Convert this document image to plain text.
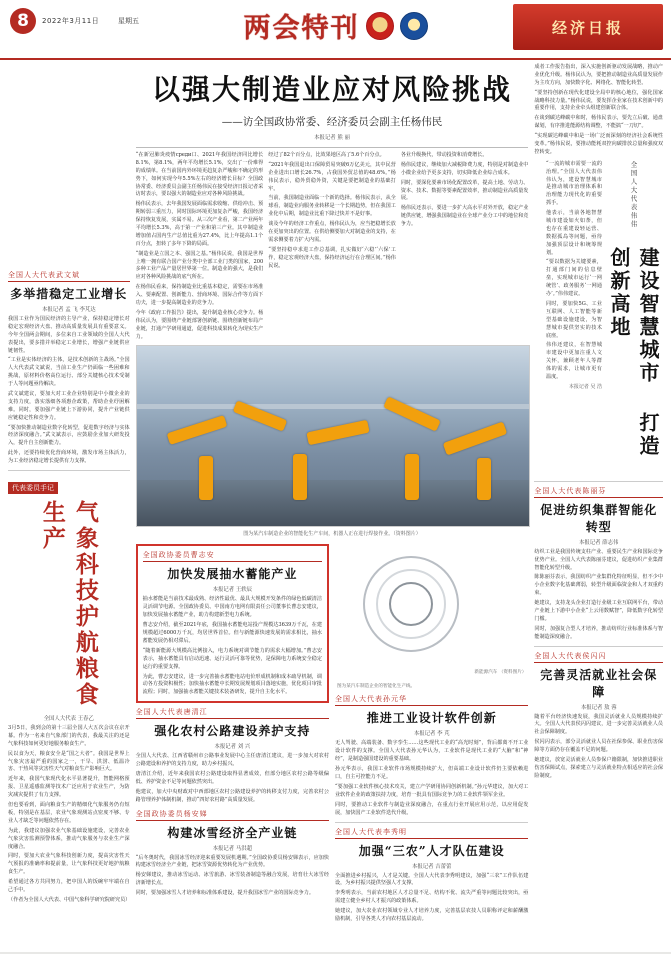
8	2022年3月11日	星期五	两会特刊	经济日报
全国人大代表武文斌
多举措稳定工业增长
本报记者 孟 飞 李芃达

我国工业作为国民经济的主导产业，保持稳定增长对稳定宏观经济大盘、推动高质量发展具有重要意义。今年全国两会期间，多位来自工业领域的全国人大代表提出，要多措并举稳定工业增长，增强产业链供应链韧性。

“工业是实体经济的主体，是技术创新的主战场。”全国人大代表武文斌说，当前工业生产仍面临一些困难和挑战，原材料价格高位运行、部分关键核心技术受制于人等问题亟待解决。

武文斌建议，要加大对工业企业特别是中小微企业的支持力度，落实落细各项惠企政策，帮助企业纾困解难。同时，要加强产业链上下游协同，提升产业链供应链稳定性和竞争力。

“要加快推动制造业数字化转型，促进数字经济与实体经济深度融合。”武文斌表示，应鼓励企业加大研发投入，提升自主创新能力。

此外，还要持续优化营商环境，激发市场主体活力，为工业经济稳定增长提供有力支撑。

代表委员手记
气象科技护航粮食生产
全国人大代表 王春乙

3月5日，我到会的第十三届全国人大五次会议在京开幕。作为一名来自气象部门的代表，我最关注的还是气象科技如何更好地服务粮食生产。

民以食为天，粮食安全是“国之大者”。我国是世界上气象灾害最严重的国家之一，干旱、洪涝、低温冷害、干热风等灾害性天气对粮食生产影响巨大。

近年来，我国气象现代化水平显著提升，智能网格预报、卫星遥感监测等技术广泛应用于农业生产，为防灾减灾提供了有力支撑。

但也要看到，面向粮食生产的精细化气象服务仍有短板，特别是在基层，农业气象观测站点密度不够、专业人才缺乏等问题依然存在。

为此，我建议加强农业气象基础设施建设，完善农业气象灾害监测预警体系，推动气象服务与农业生产深度融合。

同时，要加大农业气象科技创新力度，提高灾害性天气预报的准确率和提前量，让气象科技更好地护航粮食生产。

希望通过各方共同努力，把中国人的饭碗牢牢端在自己手中。

（作者为全国人大代表、中国气象科学研究院研究员）

以强大制造业应对风险挑战
——访全国政协常委、经济委员会副主任杨伟民
本报记者 熊 丽

“在新冠肺炎疫情среди口、2021年我国经济同比增长8.1%，第8.1%，两年平均增长5.1%，交出了一份难得的成绩单。在当前国内外环境更趋复杂严峻和不确定的形势下，如何实现今年5.5%左右的经济增长目标？全国政协常委、经济委员会副主任杨伟民在接受经济日报记者采访时表示，要以强大的制造业应对各种风险挑战。

杨伟民表示，去年我国发展面临需求收缩、供给冲击、预期转弱三重压力，同时国际环境更加复杂严峻，我国经济保持恢复发展，实属不易。从三次产业看，第二产业两年平均增长5.3%，高于第一产业和第三产业。其中制造业增加值占国内生产总值比重为27.4%，比上年提高1.1个百分点，扭转了多年下降的局面。

“制造业是立国之本、强国之基。”杨伟民说，我国是世界上唯一拥有联合国产业分类中全部工业门类的国家，200多种工业产品产量居世界第一位。制造业的强大，是我们应对各种风险挑战的底气所在。

在杨伟民看来，保持制造业比重基本稳定，需要在市场准入、要素配置、创新能力、营商环境、国际合作等方面下功夫，进一步提高制造业的竞争力。

今年《政府工作报告》提出，提升制造业核心竞争力。杨伟民认为，要围绕产业链部署创新链、围绕创新链布局产业链，打通产学研用通道，促进科技成果转化为现实生产力。

经过了82个百分点，比效果地区高了5.6个百分点。

“2021年我国退出口保障贸易突破6万亿美元，其中民营企业进出口增长26.7%，占我国外贸总值的48.6%。”杨伟民表示，稳外贸稳外资，关键是要把制造业的基础打牢。

当前，我国制造业面临一个新的选择。杨伟民表示，从全球看，制造业向服务业转移是一个长期趋势，但在我国工业化中后期，制造业比重下降过快并不是好事。

谈及今年的经济工作重点，杨伟民认为，应当把稳增长放在更加突出的位置。在供给侧要加大对制造业的支持，在需求侧要着力扩大内需。

“要坚持稳中求进工作总基调，扎实做好‘六稳’‘六保’工作，稳定宏观经济大盘，保持经济运行在合理区间。”杨伟民说。

各业升级换代，带动投资和消费增长。

杨伟民建议，继续加大减税降费力度，特别是对制造业中小微企业给予更多支持，切实降低企业综合成本。

同时，要深化要素市场化配置改革，提高土地、劳动力、资本、技术、数据等要素配置效率，推动制造业高质量发展。

杨伟民还表示，要进一步扩大高水平对外开放，稳定产业链供应链，增强我国制造业在全球产业分工中的地位和竞争力。

图为某汽车制造企业的智能化生产车间，机器人正在进行焊接作业。（资料图片）
全国政协委员曹志安
加快发展抽水蓄能产业
本报记者 王轶辰

抽水蓄能是当前技术最成熟、经济性最优、最具大规模开发条件的绿色低碳清洁灵活调节电源。全国政协委员、中国南方电网有限责任公司董事长曹志安建议，加快发展抽水蓄能产业，助力构建新型电力系统。

曹志安介绍，截至2021年底，我国抽水蓄能电站投产规模达3639万千瓦，在建规模超过6000万千瓦，均居世界首位。但与新能源快速发展的需求相比，抽水蓄能发展仍相对滞后。

“随着新能源大规模高比例接入，电力系统对调节能力的需求大幅增加。”曹志安表示，抽水蓄能具有启动迅速、运行灵活可靠等优势，是保障电力系统安全稳定运行的重要支撑。

为此，曹志安建议，进一步完善抽水蓄能电站电价形成机制和成本疏导机制，调动各方投资积极性；加快抽水蓄能中长期发展规划项目落地实施，优化项目审批流程；同时，加强抽水蓄能关键技术装备研发，提升自主化水平。

全国人大代表唐清江
强化农村公路建设养护支持
本报记者 刘 兴

全国人大代表、江西省赣州市公路事业发展中心主任唐清江建议，进一步加大对农村公路建设和养护的支持力度，助力乡村振兴。

唐清江介绍，近年来我国农村公路建设取得显著成效，但部分地区农村公路等级偏低、养护资金不足等问题依然突出。

他建议，加大中央财政对中西部地区农村公路建设养护的转移支付力度，完善农村公路管理养护体制机制，推动“四好农村路”高质量发展。

全国政协委员杨安娣
构建冰雪经济全产业链
本报记者 马洪超

“后冬奥时代，我国冰雪经济迎来重要发展机遇期。”全国政协委员杨安娣表示，应加快构建冰雪经济全产业链，把冰雪资源优势转化为产业优势。

杨安娣建议，推动冰雪运动、冰雪旅游、冰雪装备制造等融合发展，培育壮大冰雪经济新增长点。

同时，要加强冰雪人才培养和标准体系建设，提升我国冰雪产业的国际竞争力。

图为某汽车制造企业的智能化生产线。
新能源汽车 （资料图片）
全国人大代表孙元华
推进工业设计软件创新
本报记者 李 芃

无人驾驶、高端装备、数字孪生……这些现代工业的“高光时刻”，背后都离不开工业设计软件的支撑。全国人大代表孙元华认为，工业软件是现代工业的“大脑”和“神经”，是制造强国建设的重要基础。

孙元华表示，我国工业软件市场规模持续扩大，但高端工业设计软件仍主要依赖进口，自主可控能力不足。

“要加强工业软件核心技术攻关，建立产学研用协同创新机制。”孙元华建议，加大对工业软件企业的政策扶持力度，培育一批具有国际竞争力的工业软件领军企业。

同时，要推动工业软件与制造业深度融合，在重点行业开展应用示范，以应用促发展，加快国产工业软件迭代升级。

全国人大代表李秀明
加强“三农”人才队伍建设
本报记者 吉蕾蕾

全面推进乡村振兴，人才是关键。全国人大代表李秀明建议，加强“三农”工作队伍建设，为乡村振兴提供坚强人才支撑。

李秀明表示，当前农村地区人才总量不足、结构不优、流失严重等问题比较突出，亟需建立健全乡村人才振兴的政策体系。

她建议，加大农业农村领域专业人才培养力度，完善基层农技人员职称评定和薪酬激励机制，引导各类人才向农村基层流动。

成者工作报告指出，深入实施创新驱动发展战略，推动产业优化升级。杨伟民认为，要把推动制造业高质量发展作为主攻方向，加快数字化、网络化、智能化转型。

“要坚持创新在现代化建设全局中的核心地位，强化国家战略科技力量。”杨伟民说，要发挥企业家在技术创新中的重要作用，支持企业牵头组建创新联合体。

在谈到碳达峰碳中和时，杨伟民表示，要先立后破、通盘谋划，有序推进能源结构调整，不能搞“一刀切”。

“实现碳达峰碳中和是一场广泛而深刻的经济社会系统性变革。”杨伟民说，要推动能耗双控向碳排放总量和强度双控转变。

“一流的城市需要一流的治理。”全国人大代表伟伟认为，建设智慧城市是推动城市治理体系和治理能力现代化的重要抓手。

他表示，当前各地智慧城市建设如火如荼，但也存在重建设轻运营、数据孤岛等问题，亟待加强顶层设计和统筹规划。

“要以数据为关键要素，打通部门间的信息壁垒，实现城市运行‘一网统管’、政务服务‘一网通办’。”伟伟建议。

同时，要加快5G、工业互联网、人工智能等新型基础设施建设，为智慧城市提供坚实的技术底座。

伟伟还建议，在智慧城市建设中更加注重人文关怀，兼顾老年人等群体的需求，让城市更有温度。

本报记者 吴 浩
全国人大代表伟伟
建设智慧城市 打造创新高地
全国人大代表陈丽芬
促进纺织集群智能化转型
本报记者 薛志伟

纺织工业是我国传统支柱产业、重要民生产业和国际竞争优势产业。全国人大代表陈丽芬建议，促进纺织产业集群智能化转型升级。

陈陈丽芬表示，我国纺织产业集群化特征明显，但不少中小企业数字化基础薄弱，转型升级面临资金和人才双重约束。

她建议，支持龙头企业打造行业级工业互联网平台，带动产业链上下游中小企业“上云用数赋智”，降低数字化转型门槛。

同时，加强复合型人才培养，推动纺织行业标准体系与智能制造深度融合。

全国人大代表侯闪闪
完善灵活就业社会保障
本报记者 敖 蓉

随着平台经济快速发展，我国灵活就业人员规模持续扩大。全国人大代表侯闪闪建议，进一步完善灵活就业人员社会保障制度。

侯闪闪表示，部分灵活就业人员在社保参保、职业伤害保障等方面仍存在覆盖不足的问题。

她建议，放宽灵活就业人员参保户籍限制，加快推进职业伤害保障试点，探索建立与灵活就业特点相适应的社会保险制度。
